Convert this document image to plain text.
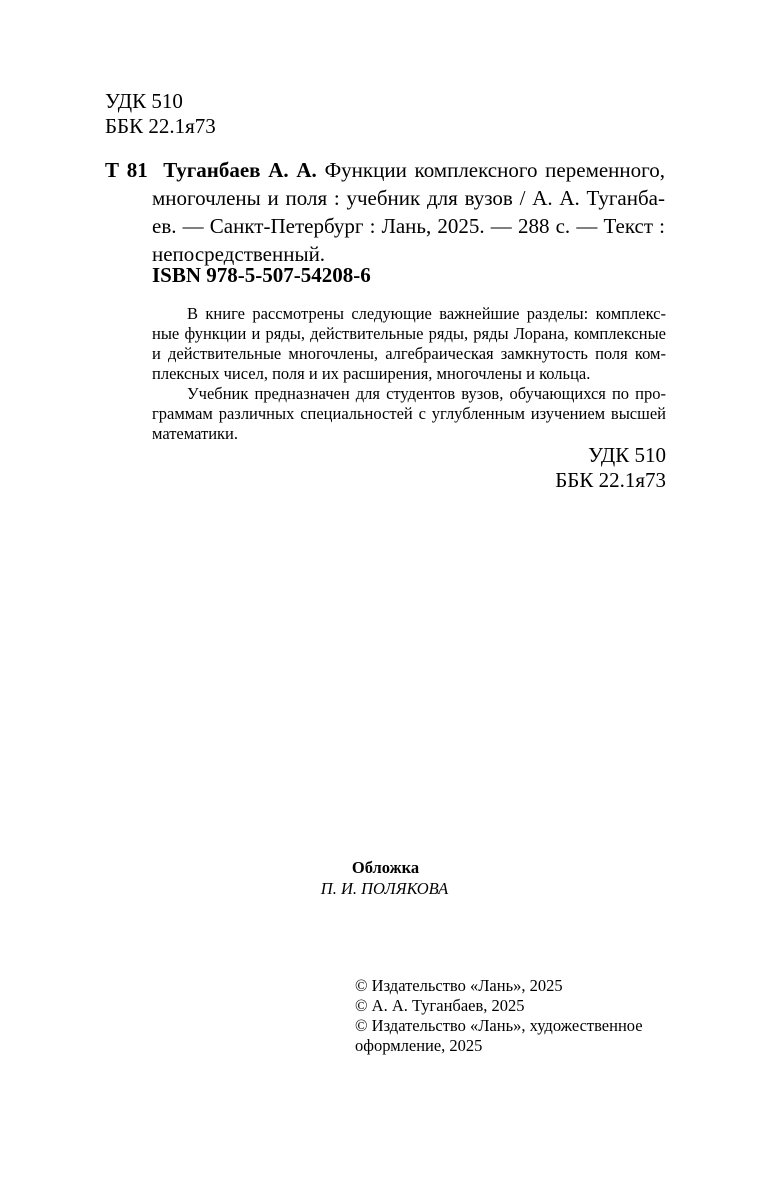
УДК 510
ББК 22.1я73
Т 81 Туганбаев А. А. Функции комплексного переменного, многочлены и поля : учебник для вузов / А. А. Туганбаев. — Санкт-Петербург : Лань, 2025. — 288 с. — Текст : непосредственный.
ISBN 978-5-507-54208-6

В книге рассмотрены следующие важнейшие разделы: комплексные функции и ряды, действительные ряды, ряды Лорана, комплексные и действительные многочлены, алгебраическая замкнутость поля комплексных чисел, поля и их расширения, многочлены и кольца.

Учебник предназначен для студентов вузов, обучающихся по программам различных специальностей с углубленным изучением высшей математики.

УДК 510
ББК 22.1я73
Обложка
П. И. ПОЛЯКОВА
© Издательство «Лань», 2025
© А. А. Туганбаев, 2025
© Издательство «Лань», художественное оформление, 2025
